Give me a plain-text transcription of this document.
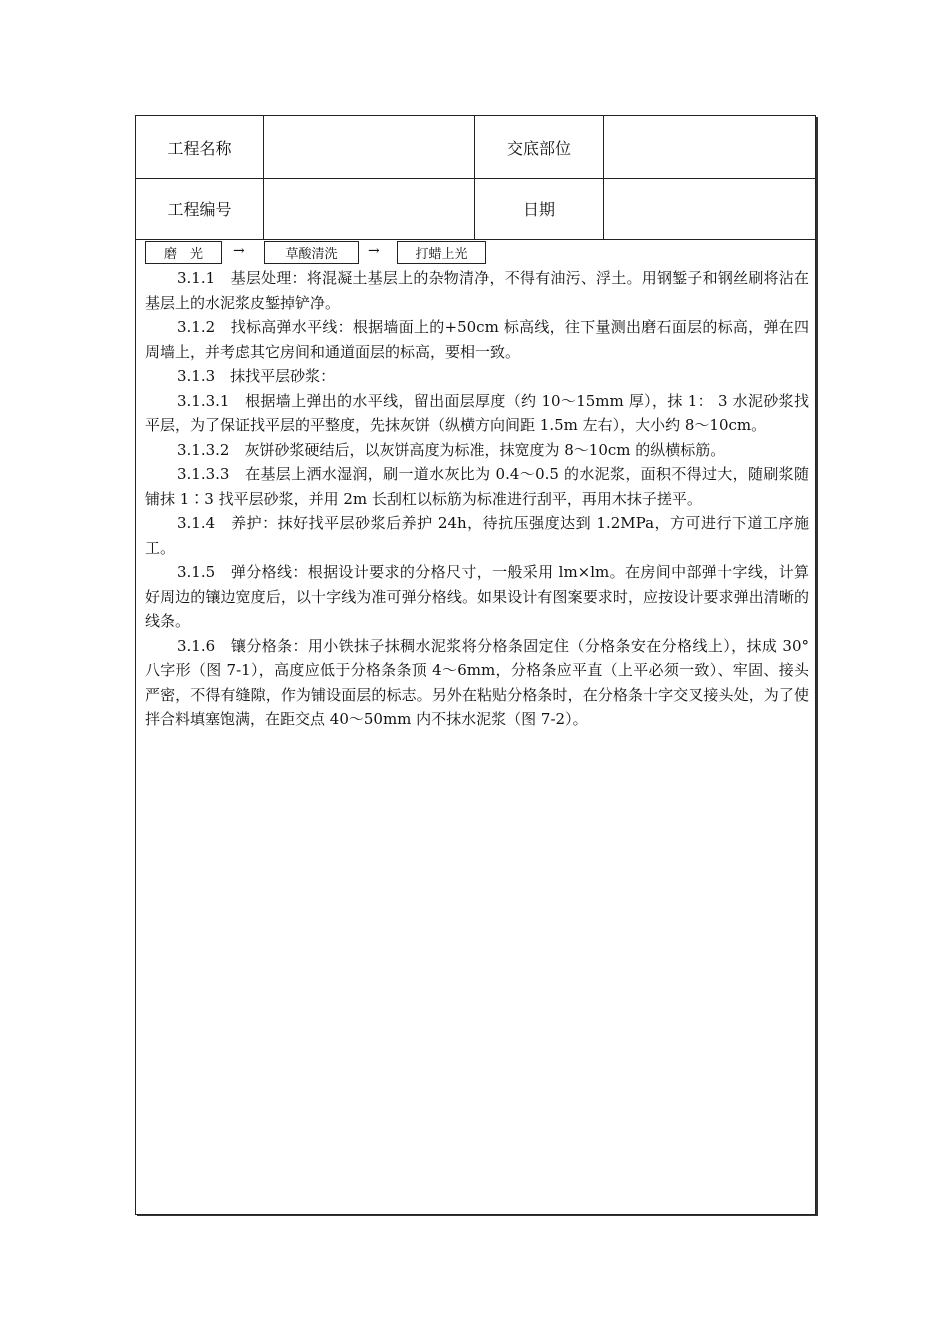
工程名称	交底部位
工程编号	日期
磨　光	→	草酸清洗	→	打蜡上光

3.1.1　基层处理：将混凝土基层上的杂物清净，不得有油污、浮土。用钢錾子和钢丝刷将沾在基层上的水泥浆皮錾掉铲净。

3.1.2　找标高弹水平线：根据墙面上的+50cm 标高线，往下量测出磨石面层的标高，弹在四周墙上，并考虑其它房间和通道面层的标高，要相一致。

3.1.3　抹找平层砂浆：

3.1.3.1　根据墙上弹出的水平线，留出面层厚度（约 10～15mm 厚），抹 1： 3 水泥砂浆找平层，为了保证找平层的平整度，先抹灰饼（纵横方向间距 1.5m 左右），大小约 8～10cm。

3.1.3.2　灰饼砂浆硬结后，以灰饼高度为标准，抹宽度为 8～10cm 的纵横标筋。

3.1.3.3　在基层上洒水湿润，刷一道水灰比为 0.4～0.5 的水泥浆，面积不得过大，随刷浆随铺抹 1∶3 找平层砂浆，并用 2m 长刮杠以标筋为标准进行刮平，再用木抹子搓平。

3.1.4　养护：抹好找平层砂浆后养护 24h，待抗压强度达到 1.2MPa，方可进行下道工序施工。

3.1.5　弹分格线：根据设计要求的分格尺寸，一般采用 lm×lm。在房间中部弹十字线，计算好周边的镶边宽度后，以十字线为准可弹分格线。如果设计有图案要求时，应按设计要求弹出清晰的线条。

3.1.6　镶分格条：用小铁抹子抹稠水泥浆将分格条固定住（分格条安在分格线上），抹成 30° 八字形（图 7-1），高度应低于分格条条顶 4～6mm，分格条应平直（上平必须一致）、牢固、接头严密，不得有缝隙，作为铺设面层的标志。另外在粘贴分格条时，在分格条十字交叉接头处，为了使拌合料填塞饱满，在距交点 40～50mm 内不抹水泥浆（图 7-2）。
